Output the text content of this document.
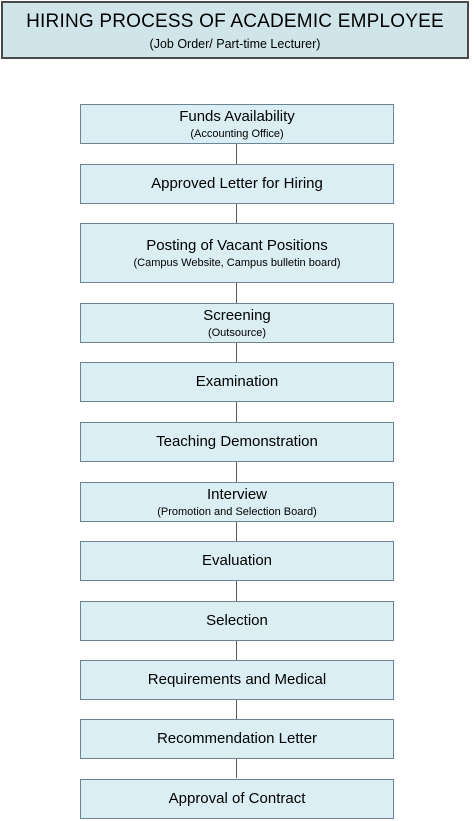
HIRING PROCESS OF ACADEMIC EMPLOYEE
(Job Order/ Part-time Lecturer)
Funds Availability
(Accounting Office)
Approved Letter for Hiring
Posting of Vacant Positions
(Campus Website, Campus bulletin board)
Screening
(Outsource)
Examination
Teaching Demonstration
Interview
(Promotion and Selection Board)
Evaluation
Selection
Requirements and Medical
Recommendation Letter
Approval of Contract
